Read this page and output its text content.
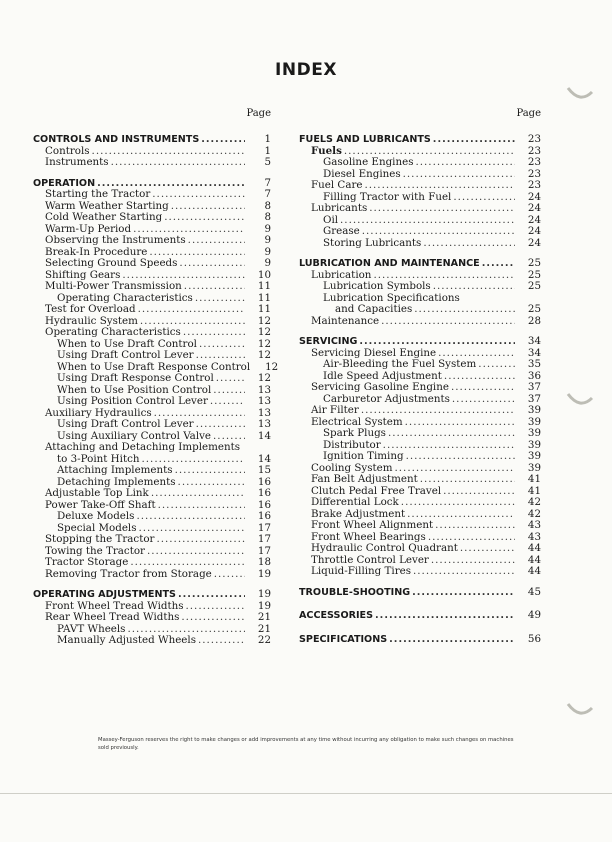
INDEX
Page
CONTROLS AND INSTRUMENTS .....	1
Controls .....	1
Instruments .....	5
OPERATION .....	7
Starting the Tractor .....	7
Warm Weather Starting .....	8
Cold Weather Starting .....	8
Warm-Up Period .....	9
Observing the Instruments .....	9
Break-In Procedure .....	9
Selecting Ground Speeds .....	9
Shifting Gears .....	10
Multi-Power Transmission .....	11
Operating Characteristics .....	11
Test for Overload .....	11
Hydraulic System .....	12
Operating Characteristics .....	12
When to Use Draft Control .....	12
Using Draft Control Lever .....	12
When to Use Draft Response Control	12
Using Draft Response Control .....	12
When to Use Position Control .....	13
Using Position Control Lever .....	13
Auxiliary Hydraulics .....	13
Using Draft Control Lever .....	13
Using Auxiliary Control Valve .....	14
Attaching and Detaching Implements
to 3-Point Hitch .....	14
Attaching Implements .....	15
Detaching Implements .....	16
Adjustable Top Link .....	16
Power Take-Off Shaft .....	16
Deluxe Models .....	16
Special Models .....	17
Stopping the Tractor .....	17
Towing the Tractor .....	17
Tractor Storage .....	18
Removing Tractor from Storage .....	19
OPERATING ADJUSTMENTS .....	19
Front Wheel Tread Widths .....	19
Rear Wheel Tread Widths .....	21
PAVT Wheels .....	21
Manually Adjusted Wheels .....	22
Page
FUELS AND LUBRICANTS .....	23
Fuels .....	23
Gasoline Engines .....	23
Diesel Engines .....	23
Fuel Care .....	23
Filling Tractor with Fuel .....	24
Lubricants .....	24
Oil .....	24
Grease .....	24
Storing Lubricants .....	24
LUBRICATION AND MAINTENANCE .....	25
Lubrication .....	25
Lubrication Symbols .....	25
Lubrication Specifications
and Capacities .....	25
Maintenance .....	28
SERVICING .....	34
Servicing Diesel Engine .....	34
Air-Bleeding the Fuel System .....	35
Idle Speed Adjustment .....	36
Servicing Gasoline Engine .....	37
Carburetor Adjustments .....	37
Air Filter .....	39
Electrical System .....	39
Spark Plugs .....	39
Distributor .....	39
Ignition Timing .....	39
Cooling System .....	39
Fan Belt Adjustment .....	41
Clutch Pedal Free Travel .....	41
Differential Lock .....	42
Brake Adjustment .....	42
Front Wheel Alignment .....	43
Front Wheel Bearings .....	43
Hydraulic Control Quadrant .....	44
Throttle Control Lever .....	44
Liquid-Filling Tires .....	44
TROUBLE-SHOOTING .....	45
ACCESSORIES .....	49
SPECIFICATIONS .....	56
Massey-Ferguson reserves the right to make changes or add improvements at any time without incurring any obligation to make such changes on machines sold previously.
